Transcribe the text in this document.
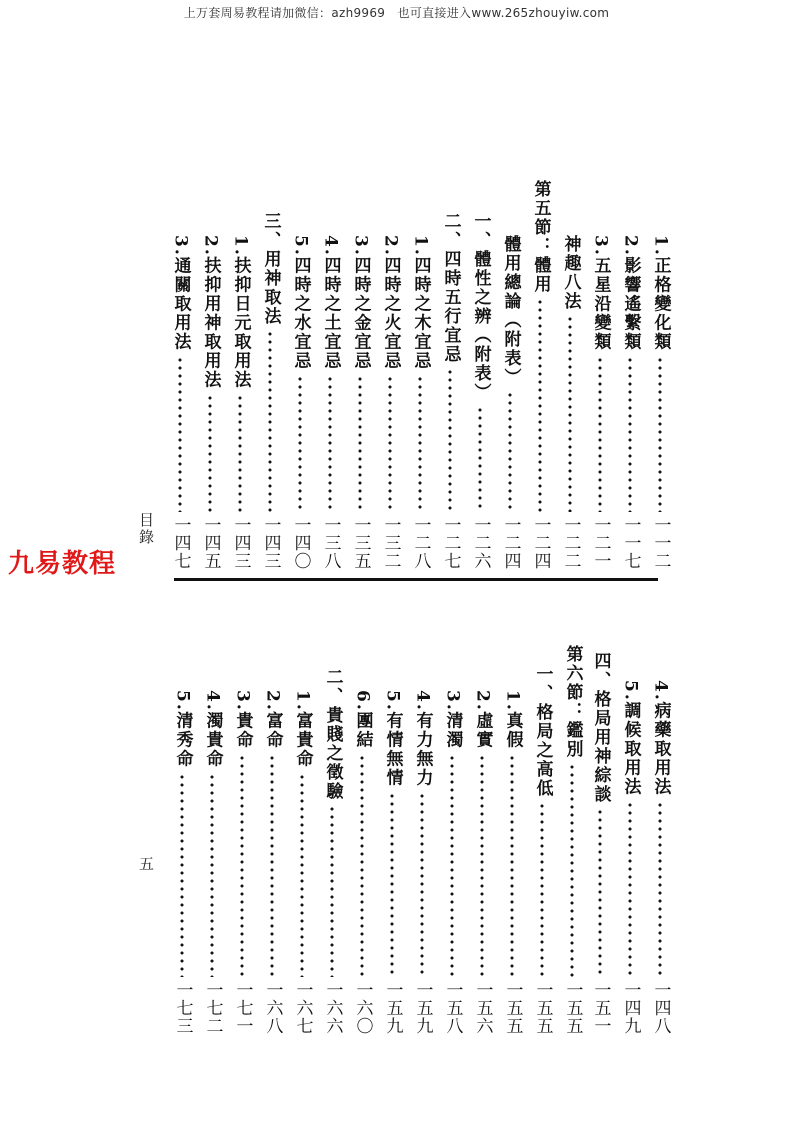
上万套周易教程请加微信：azh9969　也可直接进入www.265zhouyiw.com
九易教程
目錄
五
1.正格變化類
一一二
2.影響遙繫類
一一七
3.五星沿變類
一二一
神趣八法
一二二
第五節：體用
一二四
體用總論（附表）
一二四
一、體性之辨（附表）
一二六
二、四時五行宜忌
一二七
1.四時之木宜忌
一二八
2.四時之火宜忌
一三二
3.四時之金宜忌
一三五
4.四時之土宜忌
一三八
5.四時之水宜忌
一四〇
三、用神取法
一四三
1.扶抑日元取用法
一四三
2.扶抑用神取用法
一四五
3.通關取用法
一四七
4.病藥取用法
一四八
5.調候取用法
一四九
四、格局用神綜談
一五一
第六節：鑑別
一五五
一、格局之高低
一五五
1.真假
一五五
2.虛實
一五六
3.清濁
一五八
4.有力無力
一五九
5.有情無情
一五九
6.團結
一六〇
二、貴賤之徵驗
一六六
1.富貴命
一六七
2.富命
一六八
3.貴命
一七一
4.濁貴命
一七二
5.清秀命
一七三
